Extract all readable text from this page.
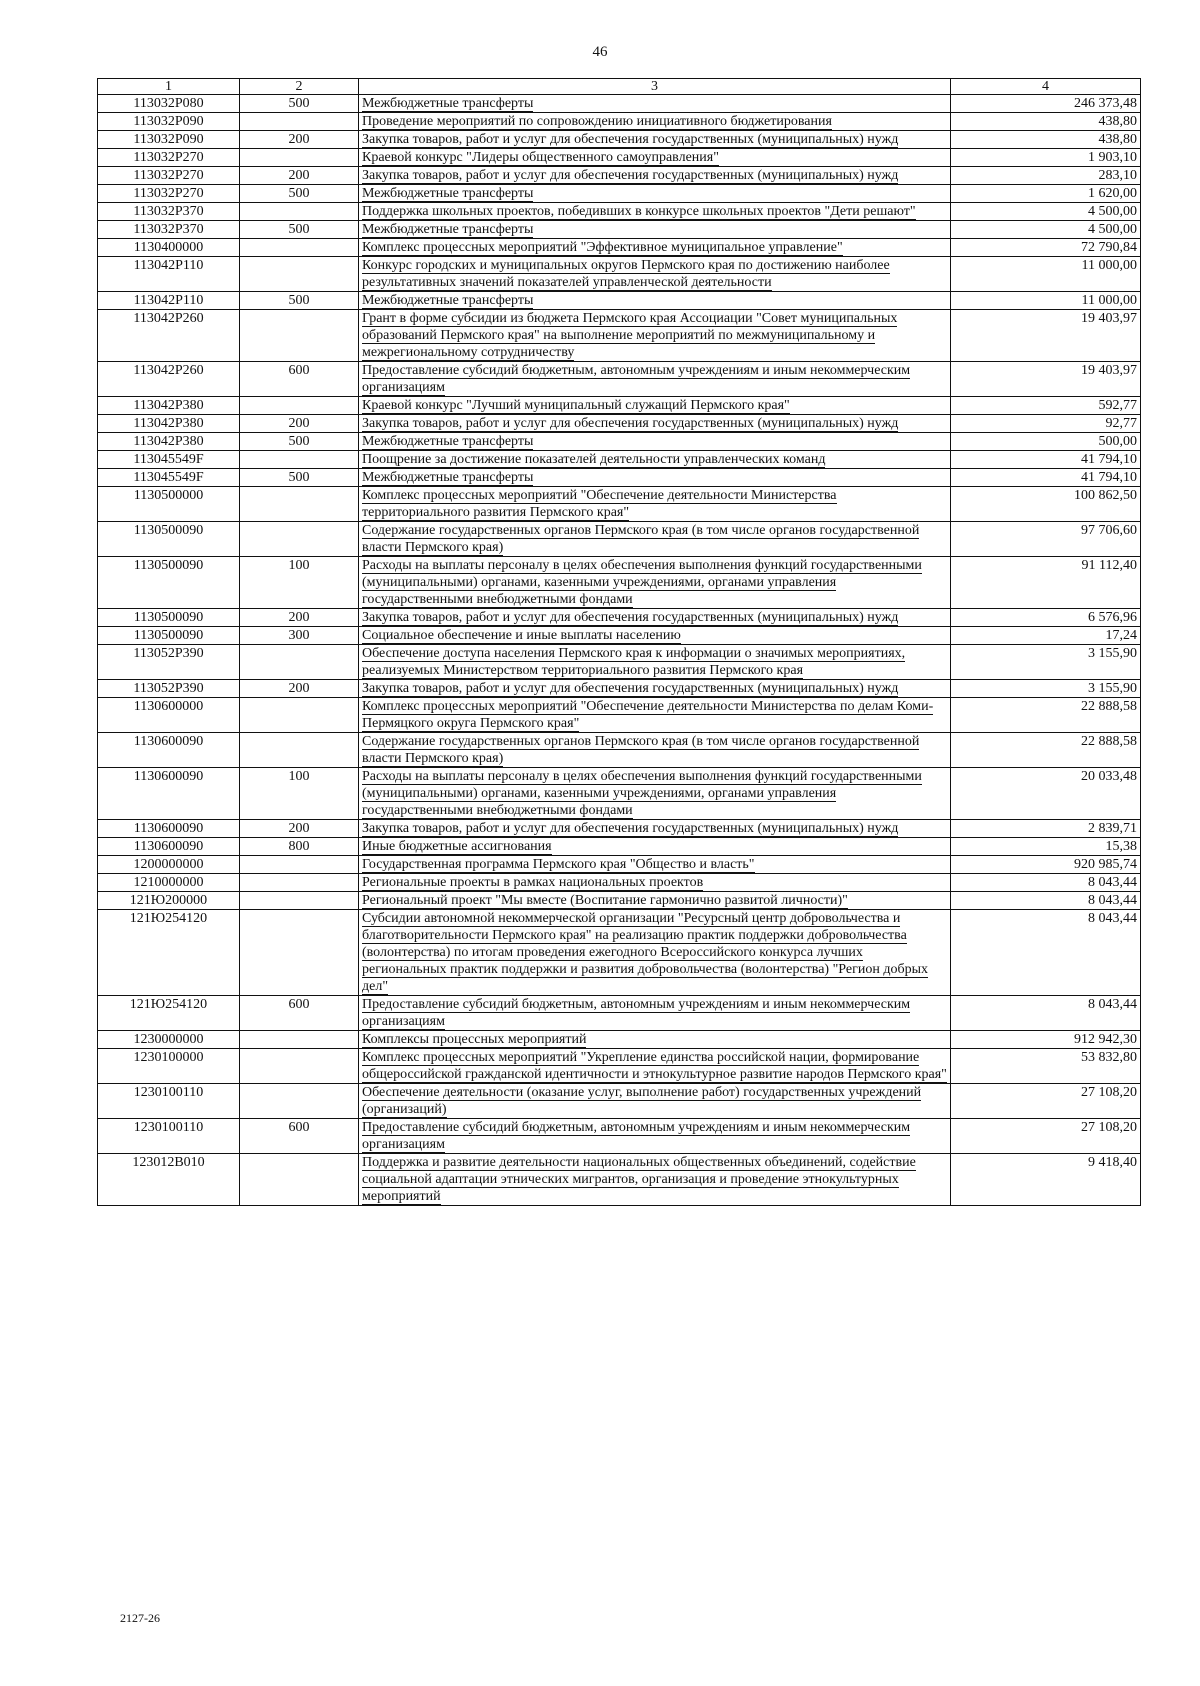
46
1	2	3	4
113032P080	500	Межбюджетные трансферты	246 373,48
113032P090		Проведение мероприятий по сопровождению инициативного бюджетирования	438,80
113032P090	200	Закупка товаров, работ и услуг для обеспечения государственных (муниципальных) нужд	438,80
113032P270		Краевой конкурс "Лидеры общественного самоуправления"	1 903,10
113032P270	200	Закупка товаров, работ и услуг для обеспечения государственных (муниципальных) нужд	283,10
113032P270	500	Межбюджетные трансферты	1 620,00
113032P370		Поддержка школьных проектов, победивших в конкурсе школьных проектов "Дети решают"	4 500,00
113032P370	500	Межбюджетные трансферты	4 500,00
1130400000		Комплекс процессных мероприятий "Эффективное муниципальное управление"	72 790,84
113042P110		Конкурс городских и муниципальных округов Пермского края по достижению наиболее результативных значений показателей управленческой деятельности	11 000,00
113042P110	500	Межбюджетные трансферты	11 000,00
113042P260		Грант в форме субсидии из бюджета Пермского края Ассоциации "Совет муниципальных образований Пермского края" на выполнение мероприятий по межмуниципальному и межрегиональному сотрудничеству	19 403,97
113042P260	600	Предоставление субсидий бюджетным, автономным учреждениям и иным некоммерческим организациям	19 403,97
113042P380		Краевой конкурс "Лучший муниципальный служащий Пермского края"	592,77
113042P380	200	Закупка товаров, работ и услуг для обеспечения государственных (муниципальных) нужд	92,77
113042P380	500	Межбюджетные трансферты	500,00
113045549F		Поощрение за достижение показателей деятельности управленческих команд	41 794,10
113045549F	500	Межбюджетные трансферты	41 794,10
1130500000		Комплекс процессных мероприятий "Обеспечение деятельности Министерства территориального развития Пермского края"	100 862,50
1130500090		Содержание государственных органов Пермского края (в том числе органов государственной власти Пермского края)	97 706,60
1130500090	100	Расходы на выплаты персоналу в целях обеспечения выполнения функций государственными (муниципальными) органами, казенными учреждениями, органами управления государственными внебюджетными фондами	91 112,40
1130500090	200	Закупка товаров, работ и услуг для обеспечения государственных (муниципальных) нужд	6 576,96
1130500090	300	Социальное обеспечение и иные выплаты населению	17,24
113052P390		Обеспечение доступа населения Пермского края к информации о значимых мероприятиях, реализуемых Министерством территориального развития Пермского края	3 155,90
113052P390	200	Закупка товаров, работ и услуг для обеспечения государственных (муниципальных) нужд	3 155,90
1130600000		Комплекс процессных мероприятий "Обеспечение деятельности Министерства по делам Коми-Пермяцкого округа Пермского края"	22 888,58
1130600090		Содержание государственных органов Пермского края (в том числе органов государственной власти Пермского края)	22 888,58
1130600090	100	Расходы на выплаты персоналу в целях обеспечения выполнения функций государственными (муниципальными) органами, казенными учреждениями, органами управления государственными внебюджетными фондами	20 033,48
1130600090	200	Закупка товаров, работ и услуг для обеспечения государственных (муниципальных) нужд	2 839,71
1130600090	800	Иные бюджетные ассигнования	15,38
1200000000		Государственная программа Пермского края "Общество и власть"	920 985,74
1210000000		Региональные проекты в рамках национальных проектов	8 043,44
121Ю200000		Региональный проект "Мы вместе (Воспитание гармонично развитой личности)"	8 043,44
121Ю254120		Субсидии автономной некоммерческой организации "Ресурсный центр добровольчества и благотворительности Пермского края" на реализацию практик поддержки добровольчества (волонтерства) по итогам проведения ежегодного Всероссийского конкурса лучших региональных практик поддержки и развития добровольчества (волонтерства) "Регион добрых дел"	8 043,44
121Ю254120	600	Предоставление субсидий бюджетным, автономным учреждениям и иным некоммерческим организациям	8 043,44
1230000000		Комплексы процессных мероприятий	912 942,30
1230100000		Комплекс процессных мероприятий "Укрепление единства российской нации, формирование общероссийской гражданской идентичности и этнокультурное развитие народов Пермского края"	53 832,80
1230100110		Обеспечение деятельности (оказание услуг, выполнение работ) государственных учреждений (организаций)	27 108,20
1230100110	600	Предоставление субсидий бюджетным, автономным учреждениям и иным некоммерческим организациям	27 108,20
123012B010		Поддержка и развитие деятельности национальных общественных объединений, содействие социальной адаптации этнических мигрантов, организация и проведение этнокультурных мероприятий	9 418,40
2127-26
